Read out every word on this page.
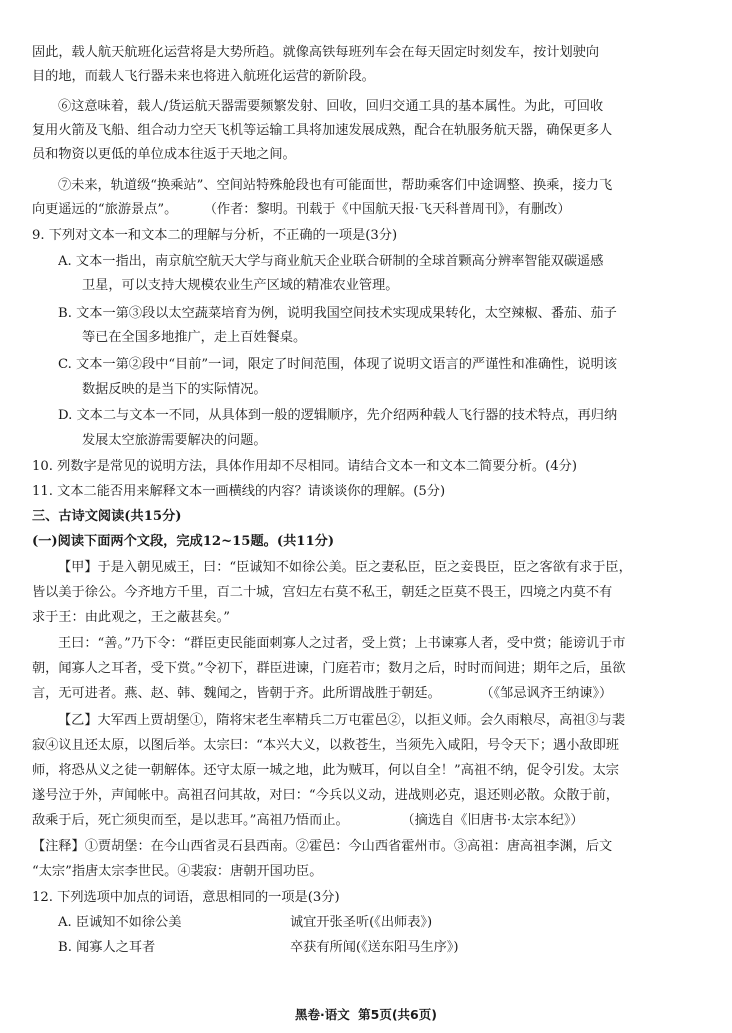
固此，载人航天航班化运营将是大势所趋。就像高铁每班列车会在每天固定时刻发车，按计划驶向
目的地，而载人飞行器未来也将进入航班化运营的新阶段。
⑥这意味着，载人/货运航天器需要频繁发射、回收，回归交通工具的基本属性。为此，可回收
复用火箭及飞船、组合动力空天飞机等运输工具将加速发展成熟，配合在轨服务航天器，确保更多人
员和物资以更低的单位成本往返于天地之间。
⑦未来，轨道级“换乘站”、空间站特殊舱段也有可能面世，帮助乘客们中途调整、换乘，接力飞
向更遥远的“旅游景点”。　　　（作者：黎明。刊载于《中国航天报·飞天科普周刊》，有删改）
9. 下列对文本一和文本二的理解与分析，不正确的一项是(3分)
A. 文本一指出，南京航空航天大学与商业航天企业联合研制的全球首颗高分辨率智能双碳遥感
卫星，可以支持大规模农业生产区域的精准农业管理。
B. 文本一第③段以太空蔬菜培育为例，说明我国空间技术实现成果转化，太空辣椒、番茄、茄子
等已在全国多地推广，走上百姓餐桌。
C. 文本一第②段中“目前”一词，限定了时间范围，体现了说明文语言的严谨性和准确性，说明该
数据反映的是当下的实际情况。
D. 文本二与文本一不同，从具体到一般的逻辑顺序，先介绍两种载人飞行器的技术特点，再归纳
发展太空旅游需要解决的问题。
10. 列数字是常见的说明方法，具体作用却不尽相同。请结合文本一和文本二简要分析。(4分)
11. 文本二能否用来解释文本一画横线的内容？请谈谈你的理解。(5分)
三、古诗文阅读(共15分)
(一)阅读下面两个文段，完成12~15题。(共11分)
【甲】于是入朝见威王，曰：“臣诚知不如徐公美。臣之妻私臣，臣之妾畏臣，臣之客欲有求于臣，
皆以美于徐公。今齐地方千里，百二十城，宫妇左右莫不私王，朝廷之臣莫不畏王，四境之内莫不有
求于王：由此观之，王之蔽甚矣。”
王曰：“善。”乃下令：“群臣吏民能面刺寡人之过者，受上赏；上书谏寡人者，受中赏；能谤讥于市
朝，闻寡人之耳者，受下赏。”令初下，群臣进谏，门庭若市；数月之后，时时而间进；期年之后，虽欲
言，无可进者。燕、赵、韩、魏闻之，皆朝于齐。此所谓战胜于朝廷。　　　　（《邹忌讽齐王纳谏》）
【乙】大军西上贾胡堡①，隋将宋老生率精兵二万屯霍邑②，以拒义师。会久雨粮尽，高祖③与裴
寂④议且还太原，以图后举。太宗曰：“本兴大义，以救苍生，当须先入咸阳，号令天下；遇小敌即班
师，将恐从义之徒一朝解体。还守太原一城之地，此为贼耳，何以自全！”高祖不纳，促令引发。太宗
遂号泣于外，声闻帐中。高祖召问其故，对曰：“今兵以义动，进战则必克，退还则必散。众散于前，
敌乘于后，死亡须臾而至，是以悲耳。”高祖乃悟而止。　　　　　（摘选自《旧唐书·太宗本纪》）
【注释】①贾胡堡：在今山西省灵石县西南。②霍邑：今山西省霍州市。③高祖：唐高祖李渊，后文
“太宗”指唐太宗李世民。④裴寂：唐朝开国功臣。
12. 下列选项中加点的词语，意思相同的一项是(3分)
A. 臣诚知不如徐公美	诚宜开张圣听(《出师表》)
B. 闻寡人之耳者	卒获有所闻(《送东阳马生序》)
黑卷·语文 第5页(共6页)
